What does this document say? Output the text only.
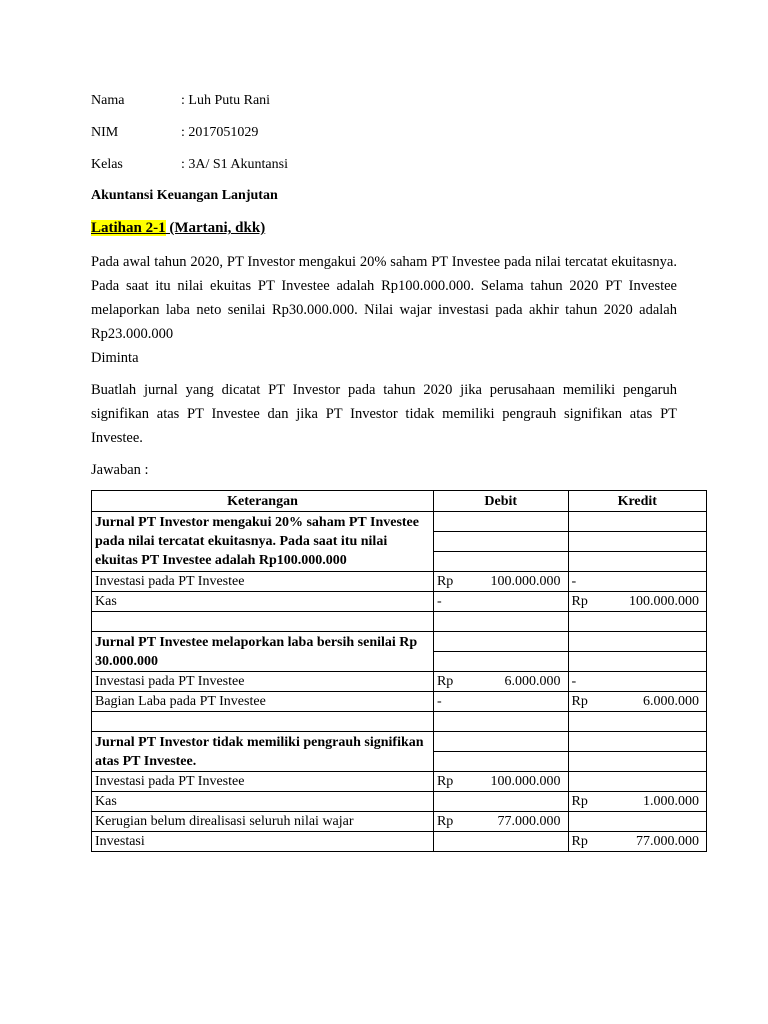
Nama	: Luh Putu Rani
NIM	: 2017051029
Kelas	: 3A/ S1 Akuntansi
Akuntansi Keuangan Lanjutan
Latihan 2-1 (Martani, dkk)
Pada awal tahun 2020, PT Investor mengakui 20% saham PT Investee pada nilai tercatat ekuitasnya. Pada saat itu nilai ekuitas PT Investee adalah Rp100.000.000. Selama tahun 2020 PT Investee melaporkan laba neto senilai Rp30.000.000. Nilai wajar investasi pada akhir tahun 2020 adalah Rp23.000.000
Diminta
Buatlah jurnal yang dicatat PT Investor pada tahun 2020 jika perusahaan memiliki pengaruh signifikan atas PT Investee dan jika PT Investor tidak memiliki pengrauh signifikan atas PT Investee.
Jawaban :
Keterangan	Debit	Kredit
Jurnal PT Investor mengakui 20% saham PT Investee pada nilai tercatat ekuitasnya. Pada saat itu nilai ekuitas PT Investee adalah Rp100.000.000		

Investasi pada PT Investee	Rp 100.000.000	-

Kas	-	Rp 100.000.000

Jurnal PT Investee melaporkan laba bersih senilai Rp 30.000.000		

Investasi pada PT Investee	Rp 6.000.000	-

Bagian Laba pada PT Investee	-	Rp 6.000.000

Jurnal PT Investor tidak memiliki pengrauh signifikan atas PT Investee.		

Investasi pada PT Investee	Rp 100.000.000	

Kas		Rp 1.000.000

Kerugian belum direalisasi seluruh nilai wajar	Rp 77.000.000	

Investasi		Rp 77.000.000
